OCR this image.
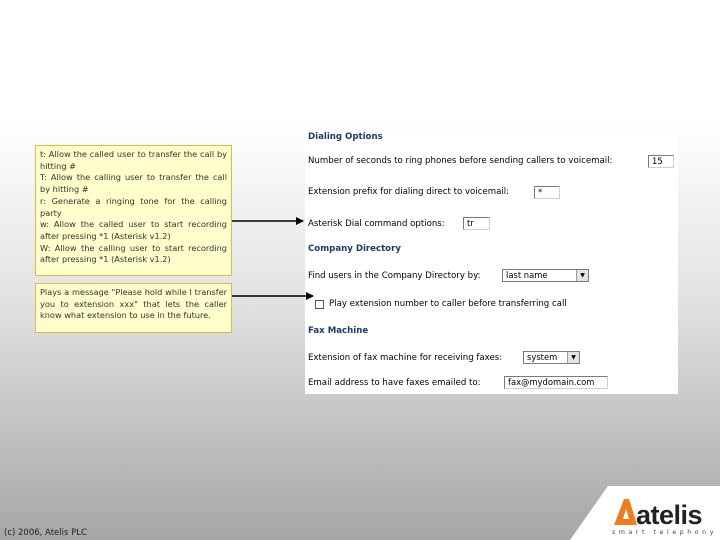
t: Allow the called user to transfer the call by hitting #

T: Allow the calling user to transfer the call by hitting #

r: Generate a ringing tone for the calling party

w: Allow the called user to start recording after pressing *1 (Asterisk v1.2)

W: Allow the calling user to start recording after pressing *1 (Asterisk v1.2)

Plays a message "Please hold while I transfer you to extension xxx" that lets the caller know what extension to use in the future.

Dialing Options
Number of seconds to ring phones before sending callers to voicemail:	15
Extension prefix for dialing direct to voicemail:	*
Asterisk Dial command options:	tr
Company Directory
Find users in the Company Directory by:	last name	▼
Play extension number to caller before transferring call
Fax Machine
Extension of fax machine for receiving faxes:	system	▼
Email address to have faxes emailed to:	fax@mydomain.com
(c) 2006, Atelis PLC
atelis
smart telephony
